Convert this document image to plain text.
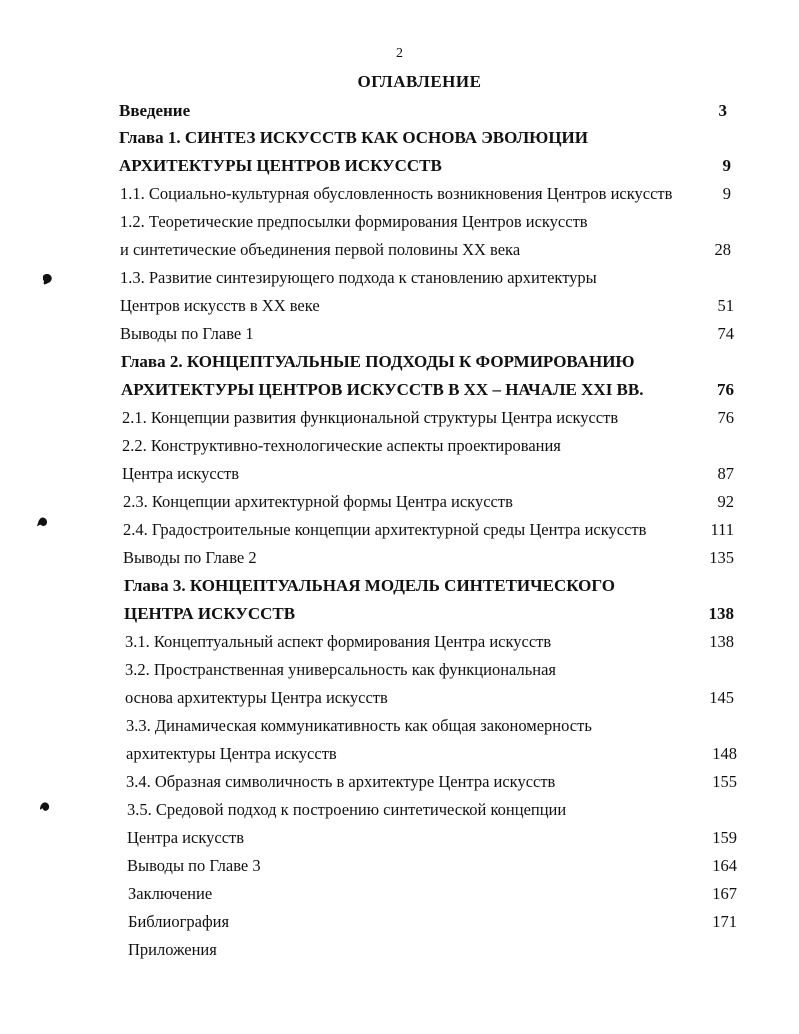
2
ОГЛАВЛЕНИЕ
Введение	3
Глава 1. СИНТЕЗ ИСКУССТВ КАК ОСНОВА ЭВОЛЮЦИИ
АРХИТЕКТУРЫ ЦЕНТРОВ ИСКУССТВ	9
1.1. Социально-культурная обусловленность возникновения Центров искусств	9
1.2. Теоретические предпосылки формирования Центров искусств
и синтетические объединения первой половины XX века	28
1.3. Развитие синтезирующего подхода к становлению архитектуры
Центров искусств в XX веке	51
Выводы по Главе 1	74
Глава 2. КОНЦЕПТУАЛЬНЫЕ ПОДХОДЫ К ФОРМИРОВАНИЮ
АРХИТЕКТУРЫ ЦЕНТРОВ ИСКУССТВ В XX – НАЧАЛЕ XXI ВВ.	76
2.1. Концепции развития функциональной структуры Центра искусств	76
2.2. Конструктивно-технологические аспекты проектирования
Центра искусств	87
2.3. Концепции архитектурной формы Центра искусств	92
2.4. Градостроительные концепции архитектурной среды Центра искусств	111
Выводы по Главе 2	135
Глава 3. КОНЦЕПТУАЛЬНАЯ МОДЕЛЬ СИНТЕТИЧЕСКОГО
ЦЕНТРА ИСКУССТВ	138
3.1. Концептуальный аспект формирования Центра искусств	138
3.2. Пространственная универсальность как функциональная
основа архитектуры Центра искусств	145
3.3. Динамическая коммуникативность как общая закономерность
архитектуры Центра искусств	148
3.4. Образная символичность в архитектуре Центра искусств	155
3.5. Средовой подход к построению синтетической концепции
Центра искусств	159
Выводы по Главе 3	164
Заключение	167
Библиография	171
Приложения
